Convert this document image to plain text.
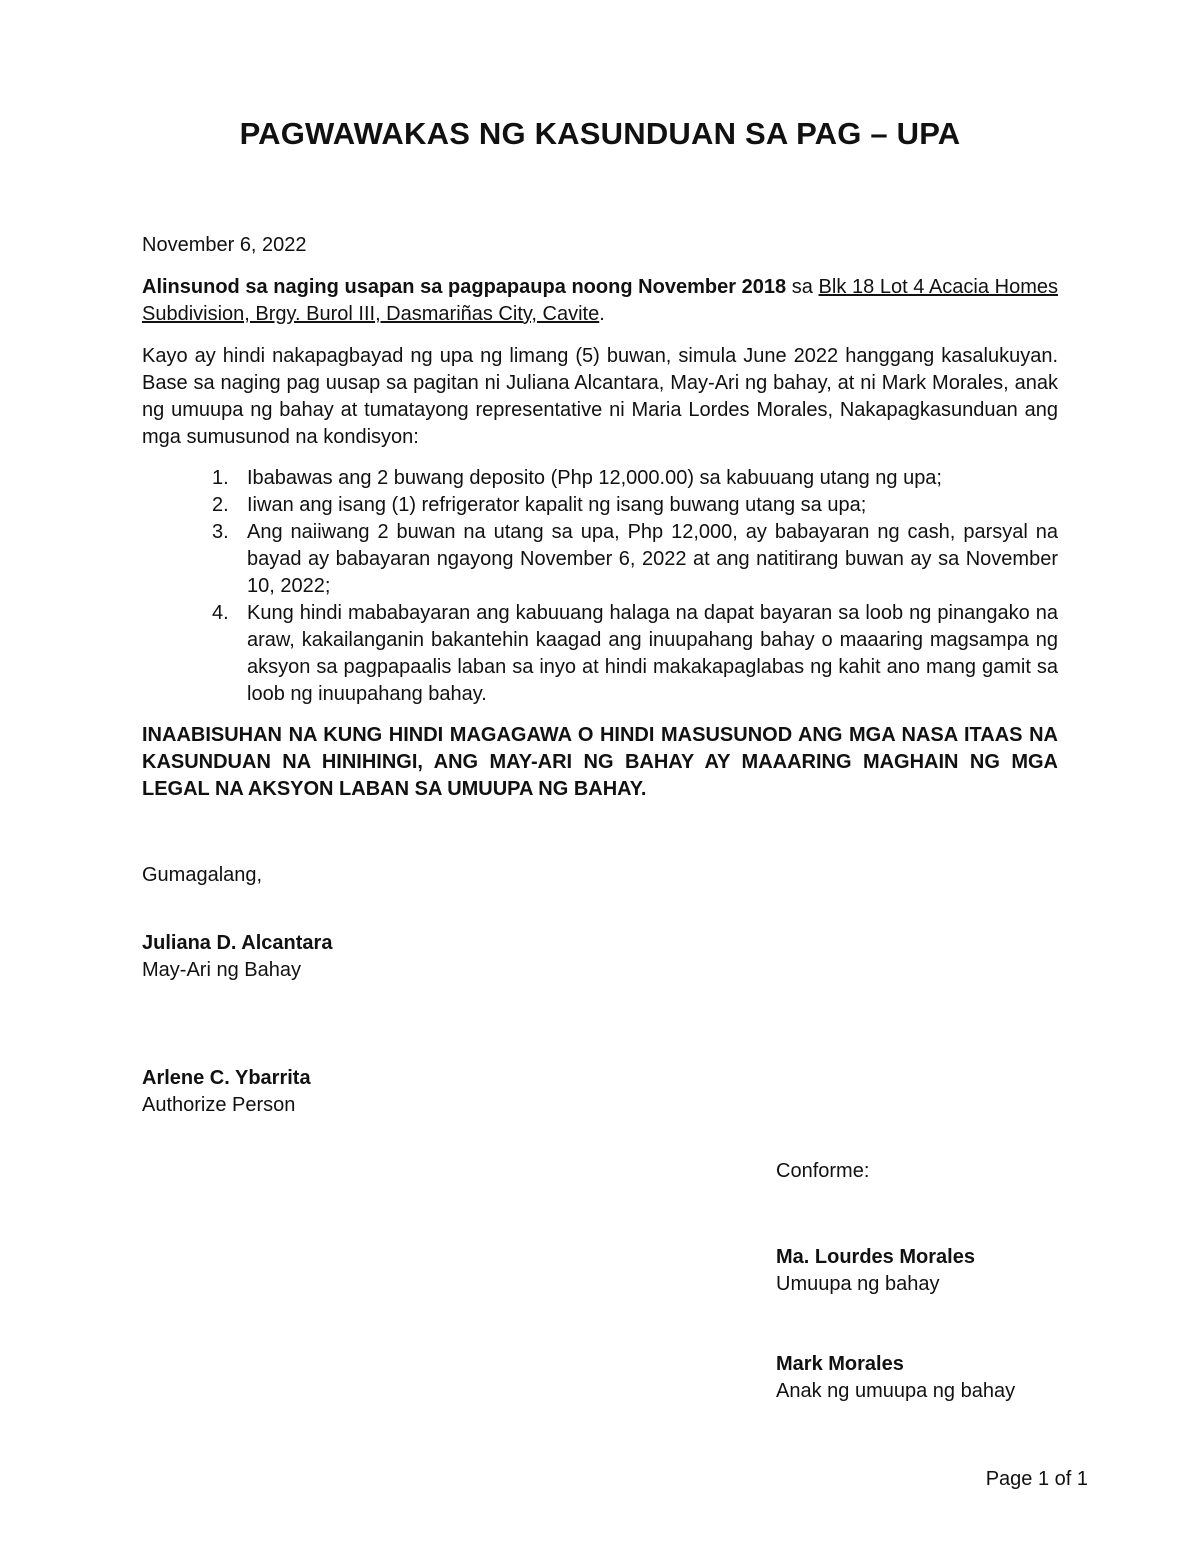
PAGWAWAKAS NG KASUNDUAN SA PAG – UPA
November 6, 2022
Alinsunod sa naging usapan sa pagpapaupa noong November 2018 sa Blk 18 Lot 4 Acacia Homes Subdivision, Brgy. Burol III, Dasmariñas City, Cavite.
Kayo ay hindi nakapagbayad ng upa ng limang (5) buwan, simula June 2022 hanggang kasalukuyan. Base sa naging pag uusap sa pagitan ni Juliana Alcantara, May-Ari ng bahay, at ni Mark Morales, anak ng umuupa ng bahay at tumatayong representative ni Maria Lordes Morales, Nakapagkasunduan ang mga sumusunod na kondisyon:
1. Ibabawas ang 2 buwang deposito (Php 12,000.00) sa kabuuang utang ng upa;
2. Iiwan ang isang (1) refrigerator kapalit ng isang buwang utang sa upa;
3. Ang naiiwang 2 buwan na utang sa upa, Php 12,000, ay babayaran ng cash, parsyal na bayad ay babayaran ngayong November 6, 2022 at ang natitirang buwan ay sa November 10, 2022;
4. Kung hindi mababayaran ang kabuuang halaga na dapat bayaran sa loob ng pinangako na araw, kakailanganin bakantehin kaagad ang inuupahang bahay o maaaring magsampa ng aksyon sa pagpapaalis laban sa inyo at hindi makakapaglabas ng kahit ano mang gamit sa loob ng inuupahang bahay.
INAABISUHAN NA KUNG HINDI MAGAGAWA O HINDI MASUSUNOD ANG MGA NASA ITAAS NA KASUNDUAN NA HINIHINGI, ANG MAY-ARI NG BAHAY AY MAAARING MAGHAIN NG MGA LEGAL NA AKSYON LABAN SA UMUUPA NG BAHAY.
Gumagalang,
Juliana D. Alcantara
May-Ari ng Bahay
Arlene C. Ybarrita
Authorize Person
Conforme:
Ma. Lourdes Morales
Umuupa ng bahay
Mark Morales
Anak ng umuupa ng bahay
Page 1 of 1
